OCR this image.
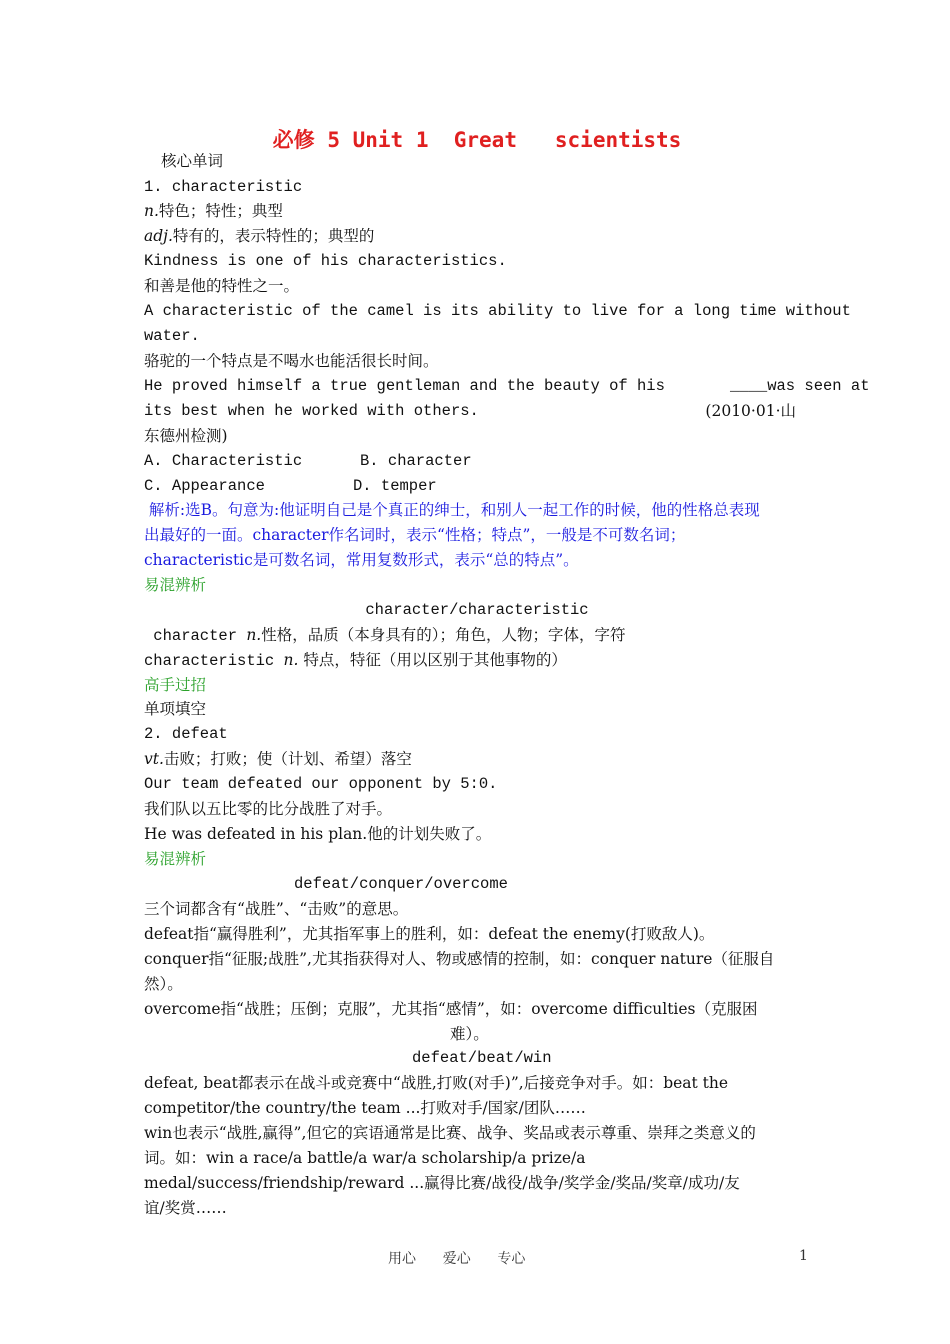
必修 5 Unit 1  Great   scientists
核心单词
1. characteristic
n.特色；特性；典型
adj.特有的，表示特性的；典型的
Kindness is one of his characteristics.
和善是他的特性之一。
A characteristic of the camel is its ability to live for a long time without
water.
骆驼的一个特点是不喝水也能活很长时间。
He proved himself a true gentleman and the beauty of his       ____was seen at
its best when he worked with others.	(2010·01·山
东德州检测)
A. Characteristic	B. character
C. Appearance	D. temper
解析:选B。句意为:他证明自己是个真正的绅士，和别人一起工作的时候，他的性格总表现
出最好的一面。character作名词时，表示“性格；特点”，一般是不可数名词；
characteristic是可数名词，常用复数形式，表示“总的特点”。
易混辨析
character/characteristic
character n.性格，品质（本身具有的）；角色，人物；字体，字符
characteristic n. 特点，特征（用以区别于其他事物的）
高手过招
单项填空
2. defeat
vt.击败；打败；使（计划、希望）落空
Our team defeated our opponent by 5:0.
我们队以五比零的比分战胜了对手。
He was defeated in his plan.他的计划失败了。
易混辨析
defeat/conquer/overcome
三个词都含有“战胜”、“击败”的意思。
defeat指“赢得胜利”，尤其指军事上的胜利，如：defeat the enemy(打败敌人)。
conquer指“征服;战胜”,尤其指获得对人、物或感情的控制，如：conquer nature（征服自
然）。
overcome指“战胜；压倒；克服”，尤其指“感情”，如：overcome difficulties（克服困
难）。
defeat/beat/win
defeat, beat都表示在战斗或竞赛中“战胜,打败(对手)”,后接竞争对手。如：beat the
competitor/the country/the team ...打败对手/国家/团队……
win也表示“战胜,赢得”,但它的宾语通常是比赛、战争、奖品或表示尊重、崇拜之类意义的
词。如：win a race/a battle/a war/a scholarship/a prize/a
medal/success/friendship/reward ...赢得比赛/战役/战争/奖学金/奖品/奖章/成功/友
谊/奖赏……
用心      爱心      专心	1
